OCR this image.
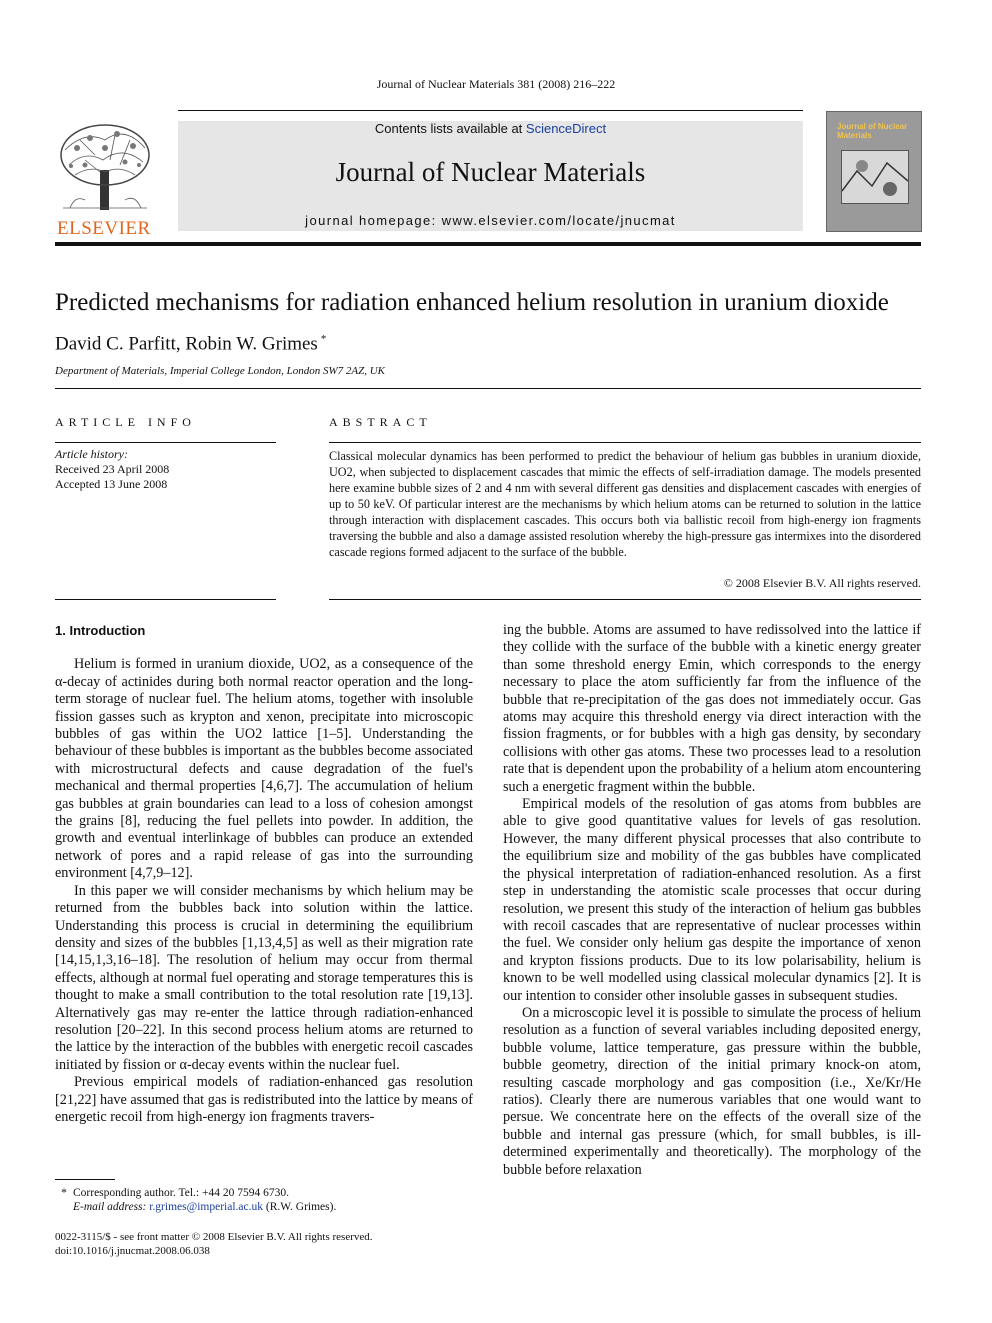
Journal of Nuclear Materials 381 (2008) 216–222
ELSEVIER
Contents lists available at ScienceDirect
Journal of Nuclear Materials
journal homepage: www.elsevier.com/locate/jnucmat
Journal of Nuclear Materials
Predicted mechanisms for radiation enhanced helium resolution in uranium dioxide
David C. Parfitt, Robin W. Grimes *
Department of Materials, Imperial College London, London SW7 2AZ, UK
ARTICLE INFO
Article history:
Received 23 April 2008
Accepted 13 June 2008
ABSTRACT
Classical molecular dynamics has been performed to predict the behaviour of helium gas bubbles in uranium dioxide, UO2, when subjected to displacement cascades that mimic the effects of self-irradiation damage. The models presented here examine bubble sizes of 2 and 4 nm with several different gas densities and displacement cascades with energies of up to 50 keV. Of particular interest are the mechanisms by which helium atoms can be returned to solution in the lattice through interaction with displacement cascades. This occurs both via ballistic recoil from high-energy ion fragments traversing the bubble and also a damage assisted resolution whereby the high-pressure gas intermixes into the disordered cascade regions formed adjacent to the surface of the bubble.
© 2008 Elsevier B.V. All rights reserved.
1. Introduction

Helium is formed in uranium dioxide, UO2, as a consequence of the α-decay of actinides during both normal reactor operation and the long-term storage of nuclear fuel. The helium atoms, together with insoluble fission gasses such as krypton and xenon, precipitate into microscopic bubbles of gas within the UO2 lattice [1–5]. Understanding the behaviour of these bubbles is important as the bubbles become associated with microstructural defects and cause degradation of the fuel's mechanical and thermal properties [4,6,7]. The accumulation of helium gas bubbles at grain boundaries can lead to a loss of cohesion amongst the grains [8], reducing the fuel pellets into powder. In addition, the growth and eventual interlinkage of bubbles can produce an extended network of pores and a rapid release of gas into the surrounding environment [4,7,9–12].

In this paper we will consider mechanisms by which helium may be returned from the bubbles back into solution within the lattice. Understanding this process is crucial in determining the equilibrium density and sizes of the bubbles [1,13,4,5] as well as their migration rate [14,15,1,3,16–18]. The resolution of helium may occur from thermal effects, although at normal fuel operating and storage temperatures this is thought to make a small contribution to the total resolution rate [19,13]. Alternatively gas may re-enter the lattice through radiation-enhanced resolution [20–22]. In this second process helium atoms are returned to the lattice by the interaction of the bubbles with energetic recoil cascades initiated by fission or α-decay events within the nuclear fuel.

Previous empirical models of radiation-enhanced gas resolution [21,22] have assumed that gas is redistributed into the lattice by means of energetic recoil from high-energy ion fragments travers-

ing the bubble. Atoms are assumed to have redissolved into the lattice if they collide with the surface of the bubble with a kinetic energy greater than some threshold energy Emin, which corresponds to the energy necessary to place the atom sufficiently far from the influence of the bubble that re-precipitation of the gas does not immediately occur. Gas atoms may acquire this threshold energy via direct interaction with the fission fragments, or for bubbles with a high gas density, by secondary collisions with other gas atoms. These two processes lead to a resolution rate that is dependent upon the probability of a helium atom encountering such a energetic fragment within the bubble.

Empirical models of the resolution of gas atoms from bubbles are able to give good quantitative values for levels of gas resolution. However, the many different physical processes that also contribute to the equilibrium size and mobility of the gas bubbles have complicated the physical interpretation of radiation-enhanced resolution. As a first step in understanding the atomistic scale processes that occur during resolution, we present this study of the interaction of helium gas bubbles with recoil cascades that are representative of nuclear processes within the fuel. We consider only helium gas despite the importance of xenon and krypton fissions products. Due to its low polarisability, helium is known to be well modelled using classical molecular dynamics [2]. It is our intention to consider other insoluble gasses in subsequent studies.

On a microscopic level it is possible to simulate the process of helium resolution as a function of several variables including deposited energy, bubble volume, lattice temperature, gas pressure within the bubble, bubble geometry, direction of the initial primary knock-on atom, resulting cascade morphology and gas composition (i.e., Xe/Kr/He ratios). Clearly there are numerous variables that one would want to persue. We concentrate here on the effects of the overall size of the bubble and internal gas pressure (which, for small bubbles, is ill-determined experimentally and theoretically). The morphology of the bubble before relaxation

* Corresponding author. Tel.: +44 20 7594 6730.
E-mail address: r.grimes@imperial.ac.uk (R.W. Grimes).
0022-3115/$ - see front matter © 2008 Elsevier B.V. All rights reserved.
doi:10.1016/j.jnucmat.2008.06.038
